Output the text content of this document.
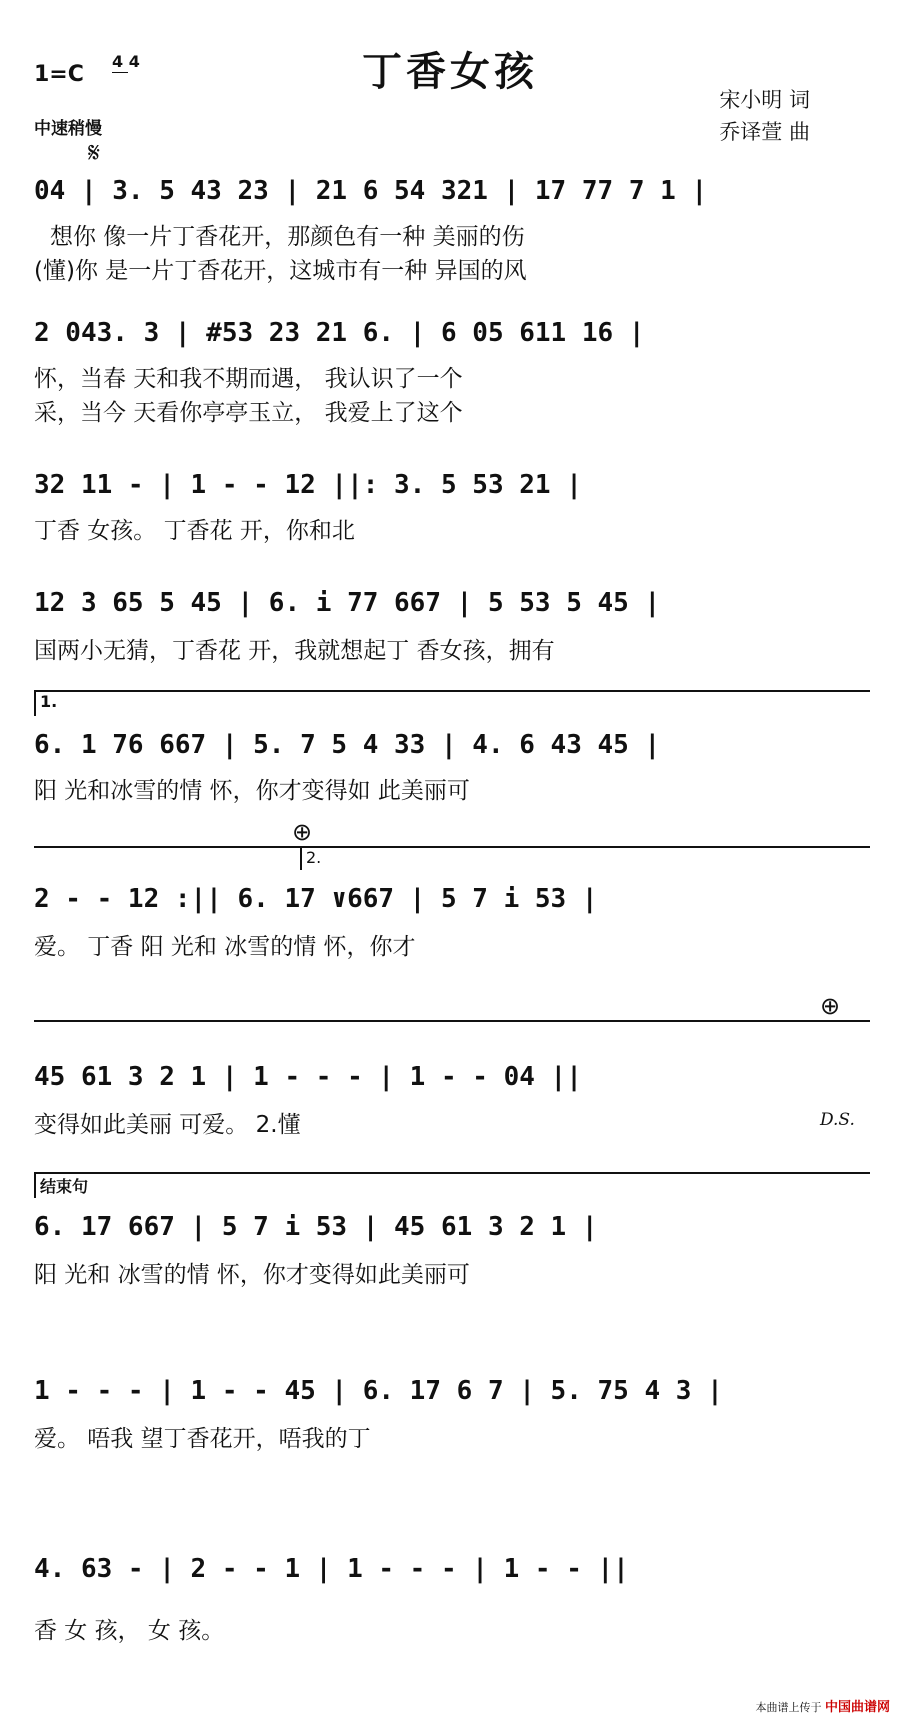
丁香女孩
1=C
4 4
中速稍慢
宋小明 词
乔译萱 曲
𝄋
04 | 3. 5 43 23 | 21 6 54 321 | 17 77 7 1 |
想你 像一片丁香花开，那颜色有一种 美丽的伤
(懂)你 是一片丁香花开，这城市有一种 异国的风
2 043. 3 | #53 23 21 6. | 6 05 611 16 |
怀，当春 天和我不期而遇， 我认识了一个
采，当今 天看你亭亭玉立， 我爱上了这个
32 11 - | 1 - - 12 ||: 3. 5 53 21 |
丁香 女孩。 丁香花 开，你和北
12 3 65 5 45 | 6. i 77 667 | 5 53 5 45 |
国两小无猜，丁香花 开，我就想起丁 香女孩，拥有
1.
6. 1 76 667 | 5. 7 5 4 33 | 4. 6 43 45 |
阳 光和冰雪的情 怀，你才变得如 此美丽可
⊕
2.
2 - - 12 :|| 6. 17 ∨667 | 5 7 i 53 |
爱。 丁香 阳 光和 冰雪的情 怀，你才
⊕
45 61 3 2 1 | 1 - - - | 1 - - 04 ||
变得如此美丽 可爱。 2.懂	D.S.
结束句
6. 17 667 | 5 7 i 53 | 45 61 3 2 1 |
阳 光和 冰雪的情 怀，你才变得如此美丽可
1 - - - | 1 - - 45 | 6. 17 6 7 | 5. 75 4 3 |
爱。 唔我 望丁香花开，唔我的丁
4. 63 - | 2 - - 1 | 1 - - - | 1 - - ||
香 女 孩， 女 孩。
本曲谱上传于 中国曲谱网
